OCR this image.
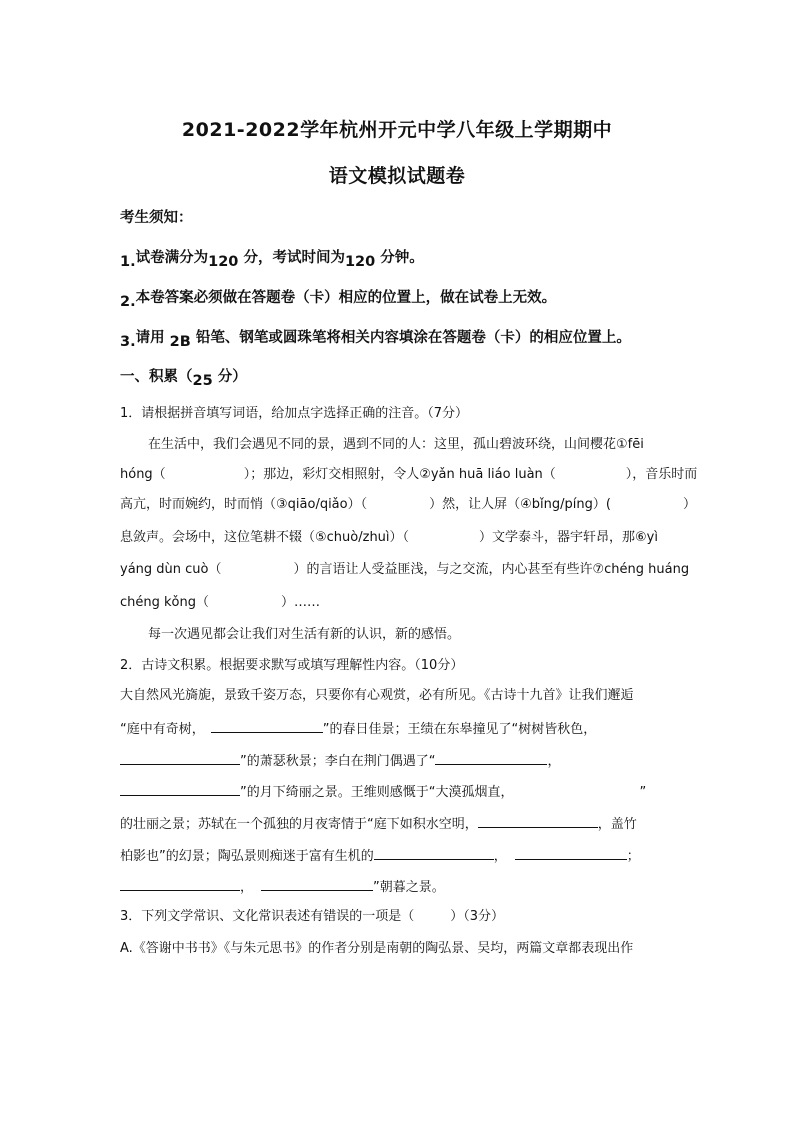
2021-2022学年杭州开元中学八年级上学期期中
语文模拟试题卷
考生须知：
1.试卷满分为120 分，考试时间为120 分钟。
2.本卷答案必须做在答题卷（卡）相应的位置上，做在试卷上无效。
3.请用 2B 铅笔、钢笔或圆珠笔将相关内容填涂在答题卷（卡）的相应位置上。
一、积累（25 分）
1．请根据拼音填写词语，给加点字选择正确的注音。（7分）
在生活中，我们会遇见不同的景，遇到不同的人：这里，孤山碧波环绕，山间樱花①fēi
hóng（	）；那边，彩灯交相照射，令人②yǎn huā liáo luàn（	），音乐时而
高亢，时而婉约，时而悄（③qiāo/qiǎo）（	）然，让人屏（④bǐng/píng）(	）
息敛声。会场中，这位笔耕不辍（⑤chuò/zhuì）（	）文学泰斗，器宇轩昂，那⑥yì
yáng dùn cuò（	）的言语让人受益匪浅，与之交流，内心甚至有些许⑦chéng huáng
chéng kǒng（	）……
每一次遇见都会让我们对生活有新的认识，新的感悟。
2．古诗文积累。根据要求默写或填写理解性内容。（10分）
大自然风光旖旎，景致千姿万态，只要你有心观赏，必有所见。《古诗十九首》让我们邂逅
“庭中有奇树，	”的春日佳景；王绩在东皋撞见了“树树皆秋色，
”的萧瑟秋景；李白在荆门偶遇了“	，
”的月下绮丽之景。王维则感慨于“大漠孤烟直，	”
的壮丽之景；苏轼在一个孤独的月夜寄情于“庭下如积水空明，	，盖竹
柏影也”的幻景；陶弘景则痴迷于富有生机的	，	；
，	”朝暮之景。
3．下列文学常识、文化常识表述有错误的一项是（	）（3分）
A.《答谢中书书》《与朱元思书》的作者分别是南朝的陶弘景、吴均，两篇文章都表现出作
